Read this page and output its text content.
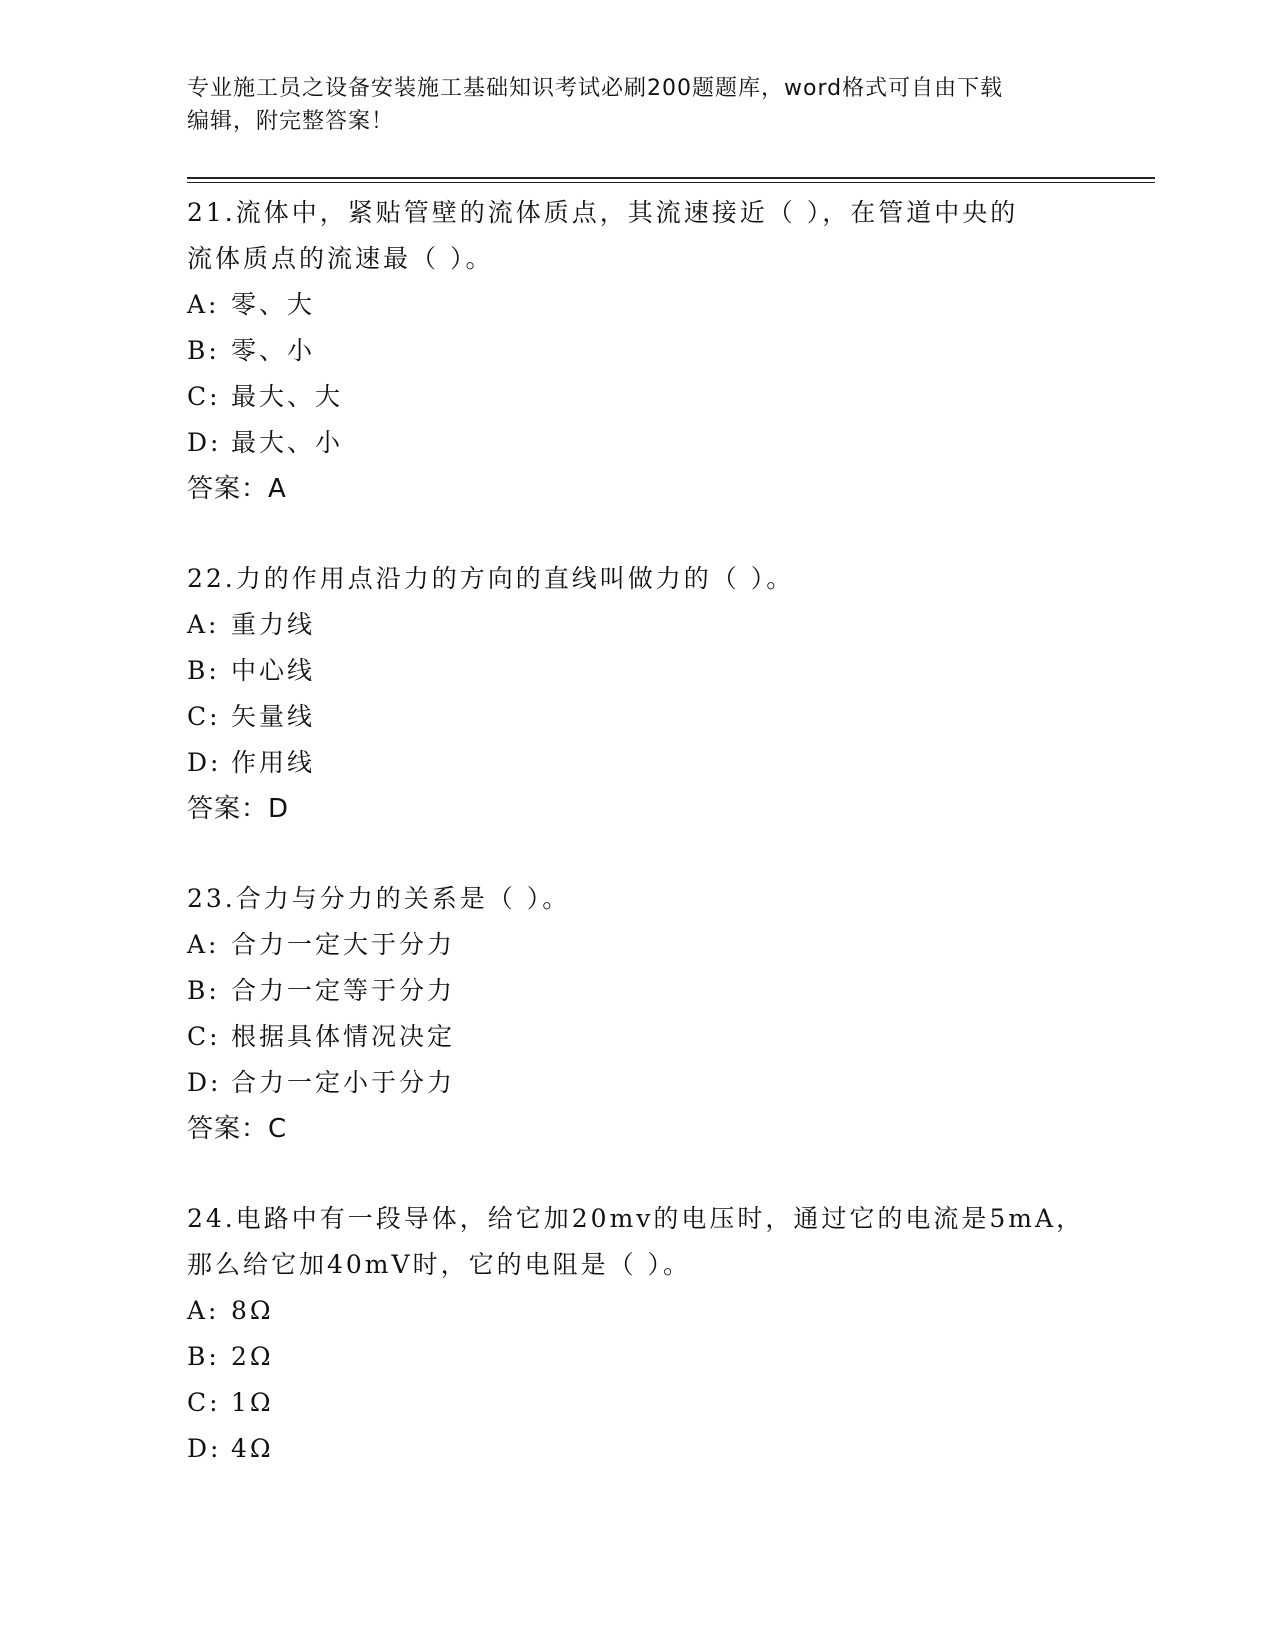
专业施工员之设备安装施工基础知识考试必刷200题题库，word格式可自由下载
编辑，附完整答案！
21.流体中，紧贴管壁的流体质点，其流速接近（ ），在管道中央的
流体质点的流速最（ ）。
A: 零、大
B: 零、小
C: 最大、大
D: 最大、小
答案：A
22.力的作用点沿力的方向的直线叫做力的（ ）。
A: 重力线
B: 中心线
C: 矢量线
D: 作用线
答案：D
23.合力与分力的关系是（ ）。
A: 合力一定大于分力
B: 合力一定等于分力
C: 根据具体情况决定
D: 合力一定小于分力
答案：C
24.电路中有一段导体，给它加20mv的电压时，通过它的电流是5mA，
那么给它加40mV时，它的电阻是（ ）。
A: 8Ω
B: 2Ω
C: 1Ω
D: 4Ω
